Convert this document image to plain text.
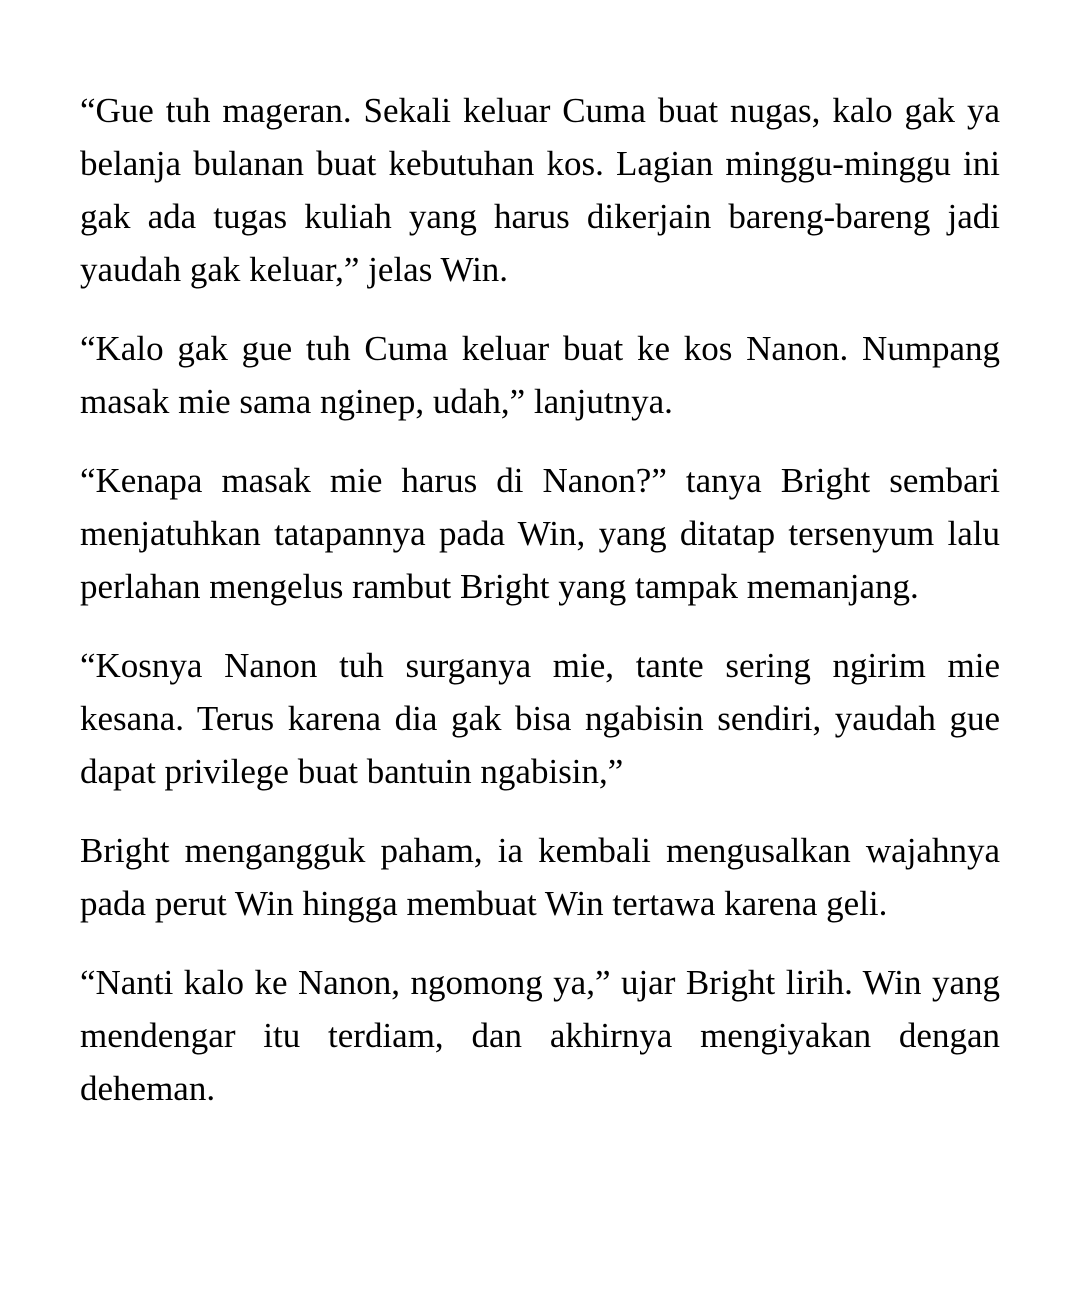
“Gue tuh mageran. Sekali keluar Cuma buat nugas, kalo gak ya belanja bulanan buat kebutuhan kos. Lagian minggu-minggu ini gak ada tugas kuliah yang harus dikerjain bareng-bareng jadi yaudah gak keluar,” jelas Win.

“Kalo gak gue tuh Cuma keluar buat ke kos Nanon. Numpang masak mie sama nginep, udah,” lanjutnya.

“Kenapa masak mie harus di Nanon?” tanya Bright sembari menjatuhkan tatapannya pada Win, yang ditatap tersenyum lalu perlahan mengelus rambut Bright yang tampak memanjang.

“Kosnya Nanon tuh surganya mie, tante sering ngirim mie kesana. Terus karena dia gak bisa ngabisin sendiri, yaudah gue dapat privilege buat bantuin ngabisin,”

Bright mengangguk paham, ia kembali mengusalkan wajahnya pada perut Win hingga membuat Win tertawa karena geli.

“Nanti kalo ke Nanon, ngomong ya,” ujar Bright lirih. Win yang mendengar itu terdiam, dan akhirnya mengiyakan dengan deheman.
